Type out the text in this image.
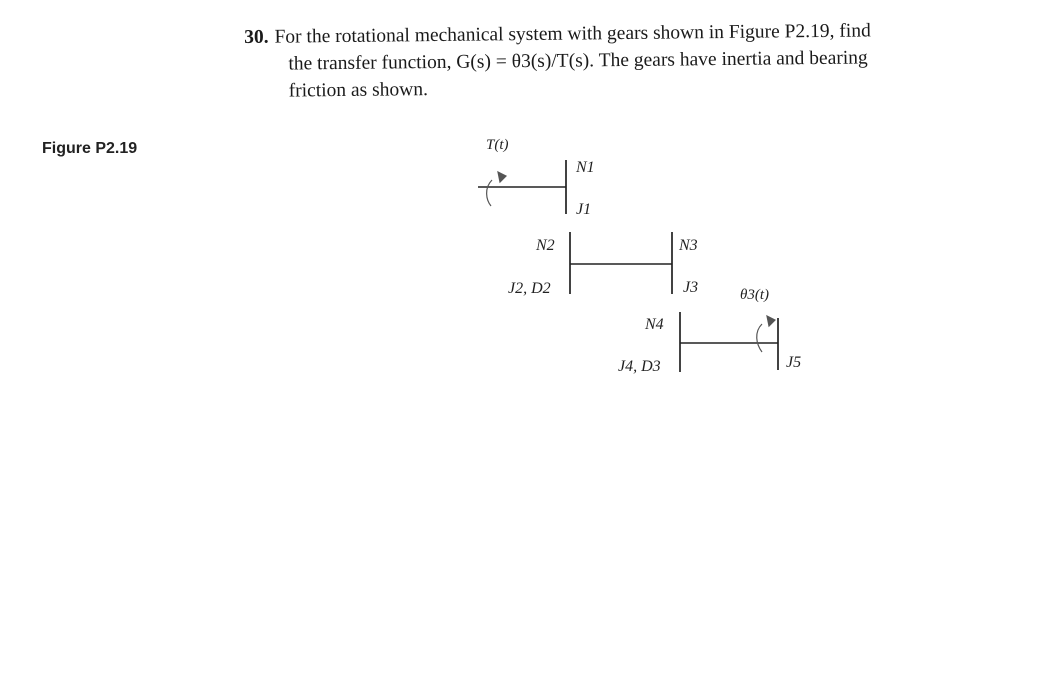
30. For the rotational mechanical system with gears shown in Figure P2.19, find
the transfer function, G(s) = θ3(s)/T(s). The gears have inertia and bearing
friction as shown.
Figure P2.19	T(t)
N1
J1
N2
J2, D2
N3
J3	θ3(t)
N4
J4, D3	J5
